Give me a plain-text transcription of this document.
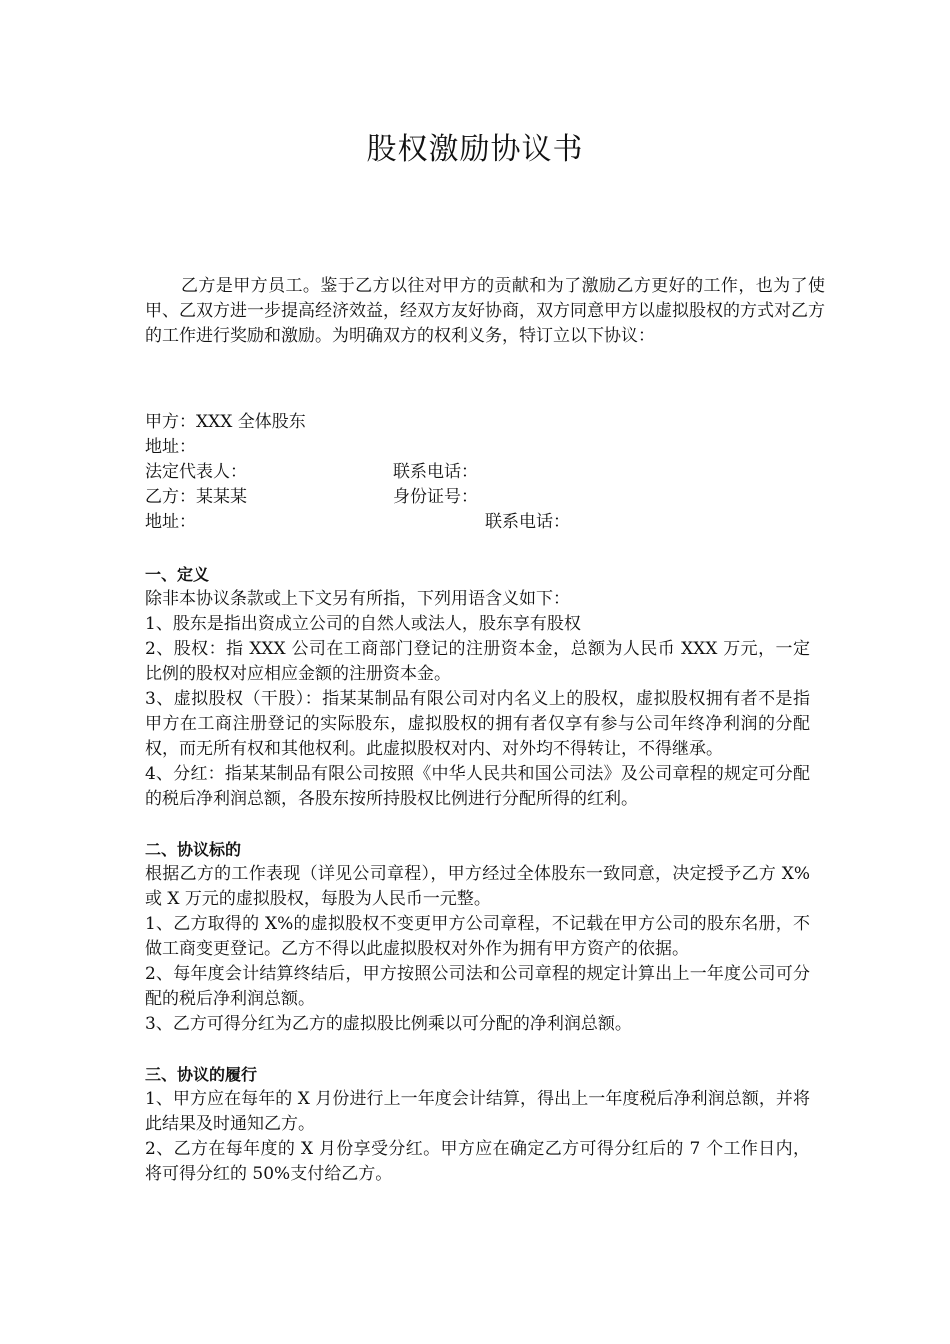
股权激励协议书

乙方是甲方员工。鉴于乙方以往对甲方的贡献和为了激励乙方更好的工作，也为了使甲、乙双方进一步提高经济效益，经双方友好协商，双方同意甲方以虚拟股权的方式对乙方的工作进行奖励和激励。为明确双方的权利义务，特订立以下协议：

甲方：XXX 全体股东
地址：
法定代表人：	联系电话：
乙方：某某某	身份证号：
地址：	联系电话：
一、定义

除非本协议条款或上下文另有所指，下列用语含义如下：

1、股东是指出资成立公司的自然人或法人，股东享有股权

2、股权：指 XXX 公司在工商部门登记的注册资本金，总额为人民币 XXX 万元，一定比例的股权对应相应金额的注册资本金。

3、虚拟股权（干股）：指某某制品有限公司对内名义上的股权，虚拟股权拥有者不是指甲方在工商注册登记的实际股东，虚拟股权的拥有者仅享有参与公司年终净利润的分配权，而无所有权和其他权利。此虚拟股权对内、对外均不得转让，不得继承。

4、分红：指某某制品有限公司按照《中华人民共和国公司法》及公司章程的规定可分配的税后净利润总额，各股东按所持股权比例进行分配所得的红利。

二、协议标的

根据乙方的工作表现（详见公司章程），甲方经过全体股东一致同意，决定授予乙方 X%或 X 万元的虚拟股权，每股为人民币一元整。

1、乙方取得的 X%的虚拟股权不变更甲方公司章程，不记载在甲方公司的股东名册，不做工商变更登记。乙方不得以此虚拟股权对外作为拥有甲方资产的依据。

2、每年度会计结算终结后，甲方按照公司法和公司章程的规定计算出上一年度公司可分配的税后净利润总额。

3、乙方可得分红为乙方的虚拟股比例乘以可分配的净利润总额。

三、协议的履行

1、甲方应在每年的 X 月份进行上一年度会计结算，得出上一年度税后净利润总额，并将此结果及时通知乙方。

2、乙方在每年度的 X 月份享受分红。甲方应在确定乙方可得分红后的 7 个工作日内，将可得分红的 50%支付给乙方。
